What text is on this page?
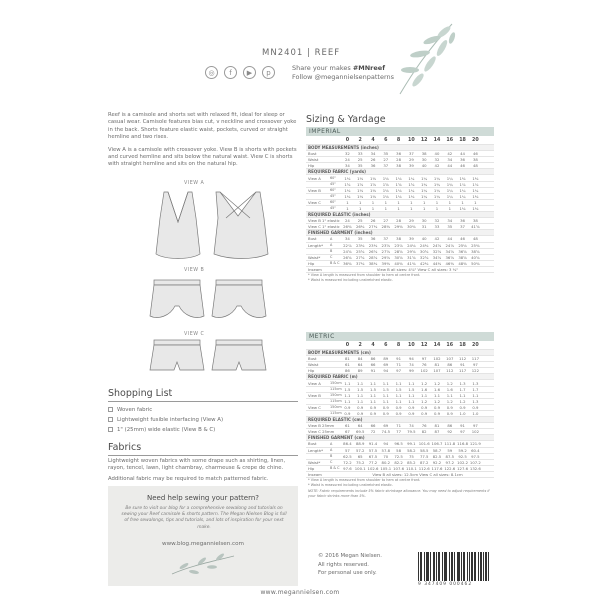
MN2401 | REEF
◎	f	▶	p
Share your makes #MNreef
Follow @megannielsenpatterns

Reef is a camisole and shorts set with relaxed fit, ideal for sleep or casual wear. Camisole features bias cut, v neckline and crossover yoke in the back. Shorts feature elastic waist, pockets, curved or straight hemline and two rises.

View A is a camisole with crossover yoke. View B is shorts with pockets and curved hemline and sits below the natural waist. View C is shorts with straight hemline and sits on the natural hip.

VIEW A
VIEW B
VIEW C
Shopping List
Woven fabric
Lightweight fusible interfacing (View A)
1" (25mm) wide elastic (View B & C)
Fabrics

Lightweight woven fabrics with some drape such as shirting, linen, rayon, tencel, lawn, light chambray, charmeuse & crepe de chine.

Additional fabric may be required to match patterned fabric.

Need help sewing your pattern?
Be sure to visit our blog for a comprehensive sewalong and tutorials on sewing your Reef camisole & shorts pattern. The Megan Nielsen Blog is full of free sewalongs, tips and tutorials, and lots of inspiration for your next make.
www.blog.megannielsen.com
Sizing & Yardage
IMPERIAL
0	2	4	6	8	10	12	14	16	18	20
BODY MEASUREMENTS (inches)
Bust	32	33	34	35	36	37	38	40	42	44	46
Waist	24	25	26	27	28	29	30	32	34	36	38
Hip	34	35	36	37	38	39	40	42	44	46	48
REQUIRED FABRIC (yards)
View A	60"	1⅛	1⅛	1⅛	1⅛	1⅛	1¼	1¼	1¼	1¼	1⅜	1⅜
45"	1⅝	1⅝	1⅝	1⅝	1⅝	1⅝	1¾	1¾	1¾	1⅞	1⅞
View B	60"	1⅛	1⅛	1⅛	1⅛	1⅛	1¼	1¼	1¼	1¼	1¼	1¼
45"	1⅛	1⅛	1⅛	1⅛	1⅛	1⅛	1¼	1¼	1¼	1¼	1⅜
View C	60"	1	1	1	1	1	1	1	1	1	1	1
45"	1	1	1	1	1	1	1	1	1	1⅛	1⅛
REQUIRED ELASTIC (inches)
View B 1" elastic	24	25	26	27	28	29	30	32	34	36	38
View C 1" elastic 26⅜	26⅜	27⅜	28⅜	29⅜	30⅜	31	33	35	37	41⅝
FINISHED GARMENT (inches)
Bust	A	34	35	36	37	38	39	40	42	44	46	48
Length*	A	22⅞	23⅛	23⅜	23⅝	23⅞	24⅛	24⅜	24⅝	24⅞	25⅛	25⅜
B	24⅝	25⅝	26⅝	27⅝	28⅝	29⅝	30⅝	32⅝	34⅝	36⅝	38⅝
Waist*	C	26⅝	27⅝	28⅝	29⅝	30⅝	31⅝	32⅝	34⅝	36⅝	38⅝	40⅝
Hip	B & C 36⅜	37⅜	38⅜	39⅜	40⅜	41⅜	42⅜	44⅜	46⅜	48⅜	50⅜
Inseam	View B all sizes: 4⅞" View C all sizes: 3 ⅛"
* View A length is measured from shoulder to hem at centre front.
* Waist is measured including unstretched elastic.
METRIC
0	2	4	6	8	10	12	14	16	18	20
BODY MEASUREMENTS (cm)
Bust	81	84	86	89	91	94	97	102	107	112	117
Waist	61	64	66	69	71	74	76	81	86	91	97
Hip	86	89	91	94	97	99	102	107	112	117	122
REQUIRED FABRIC (m)
View A	150cm 1.1	1.1	1.1	1.1	1.1	1.1	1.2	1.2	1.2	1.3	1.3
115cm 1.5	1.5	1.5	1.5	1.5	1.5	1.6	1.6	1.6	1.7	1.7
View B	150cm 1.1	1.1	1.1	1.1	1.1	1.1	1.1	1.1	1.1	1.1	1.1
115cm 1.1	1.1	1.1	1.1	1.1	1.1	1.2	1.2	1.2	1.2	1.3
View C	150cm 0.9	0.9	0.9	0.9	0.9	0.9	0.9	0.9	0.9	0.9	0.9
115cm 0.9	0.9	0.9	0.9	0.9	0.9	0.9	0.9	0.9	1.0	1.0
REQUIRED ELASTIC (cm)
View B 25mm	61	64	66	69	71	74	76	81	86	91	97
View C 25mm	67	69.5	72	74.5	77	79.5	82	87	92	97	102
FINISHED GARMENT (cm)
Bust	A	86.4	88.9	91.4	94	96.5	99.1 101.6 106.7 111.8 116.8 121.9
Length*	A	57	57.2	57.5	57.8	58	58.2	58.5	58.7	59	59.2	60.4
B	62.5	65	67.5	70	72.5	75	77.5	82.5	87.5	92.5	97.5
Waist*	C	72.2	75.2	77.2	80.2	82.2	85.2	87.2	92.2	97.2 102.2 107.2
Hip	B & C 97.6 100.1 102.6 105.1 107.6 110.1 112.6 117.6 122.6 127.6 132.6
Inseam	View B all sizes: 12.5cm View C all sizes: 8.1cm
* View A length is measured from shoulder to hem at centre front.
* Waist is measured including unstretched elastic.
NOTE: Fabric requirements include 5% fabric shrinkage allowance. You may need to adjust requirements if your fabric shrinks more than 5%.
© 2016 Megan Nielsen.
All rights reserved.
For personal use only.
9 347409 000462
www.megannielsen.com
